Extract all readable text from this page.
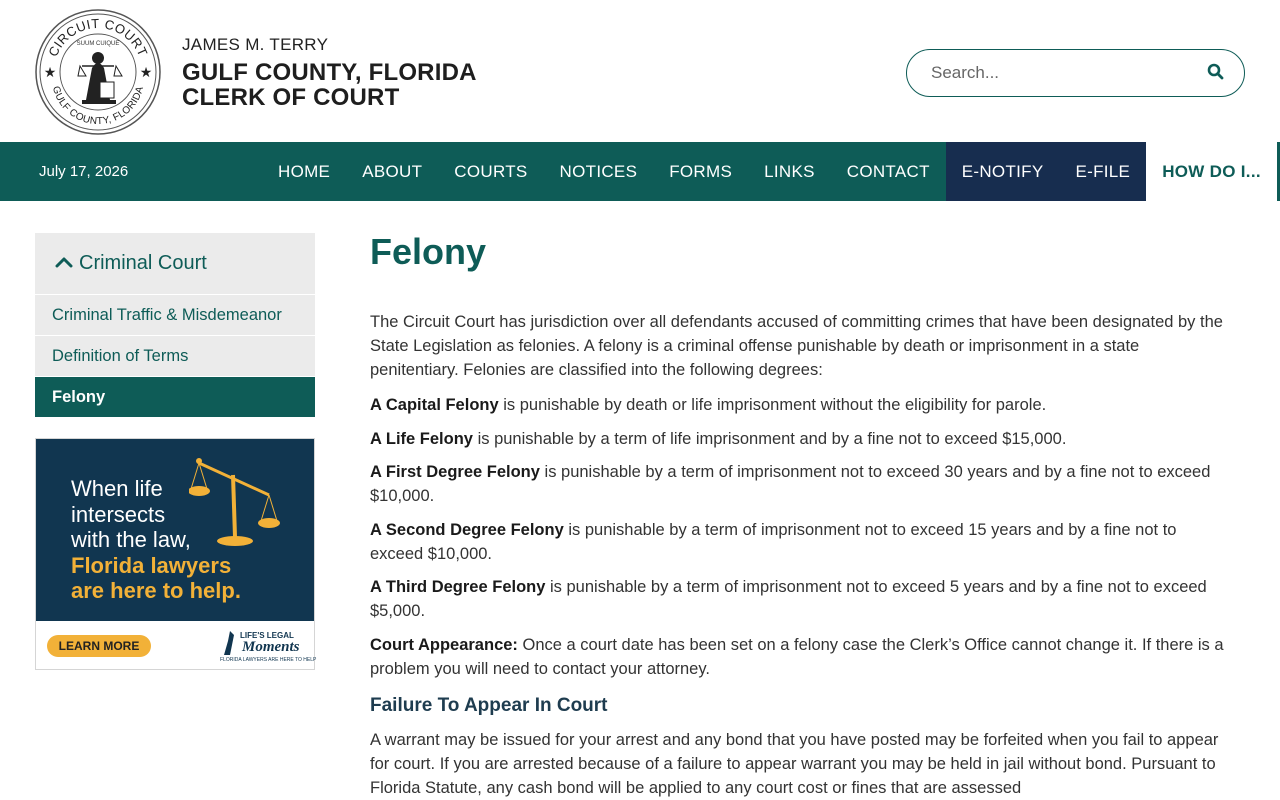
CIRCUIT COURT
GULF COUNTY, FLORIDA
SUUM CUIQUE
★	★
JAMES M. TERRY
GULF COUNTY, FLORIDA
CLERK OF COURT
Search...
July 17, 2026	HOME	ABOUT	COURTS	NOTICES	FORMS	LINKS	CONTACT	E-NOTIFY	E-FILE	HOW DO I...
Criminal Court
Criminal Traffic & Misdemeanor
Definition of Terms
Felony
When life
intersects
with the law,
Florida lawyers
are here to help.
LEARN MORE
LIFE'S LEGAL
Moments
FLORIDA LAWYERS ARE HERE TO HELP
Felony

The Circuit Court has jurisdiction over all defendants accused of committing crimes that have been designated by the State Legislation as felonies. A felony is a criminal offense punishable by death or imprisonment in a state penitentiary. Felonies are classified into the following degrees:

A Capital Felony is punishable by death or life imprisonment without the eligibility for parole.

A Life Felony is punishable by a term of life imprisonment and by a fine not to exceed $15,000.

A First Degree Felony is punishable by a term of imprisonment not to exceed 30 years and by a fine not to exceed $10,000.

A Second Degree Felony is punishable by a term of imprisonment not to exceed 15 years and by a fine not to exceed $10,000.

A Third Degree Felony is punishable by a term of imprisonment not to exceed 5 years and by a fine not to exceed $5,000.

Court Appearance: Once a court date has been set on a felony case the Clerk’s Office cannot change it. If there is a problem you will need to contact your attorney.

Failure To Appear In Court

A warrant may be issued for your arrest and any bond that you have posted may be forfeited when you fail to appear for court. If you are arrested because of a failure to appear warrant you may be held in jail without bond. Pursuant to Florida Statute, any cash bond will be applied to any court cost or fines that are assessed
